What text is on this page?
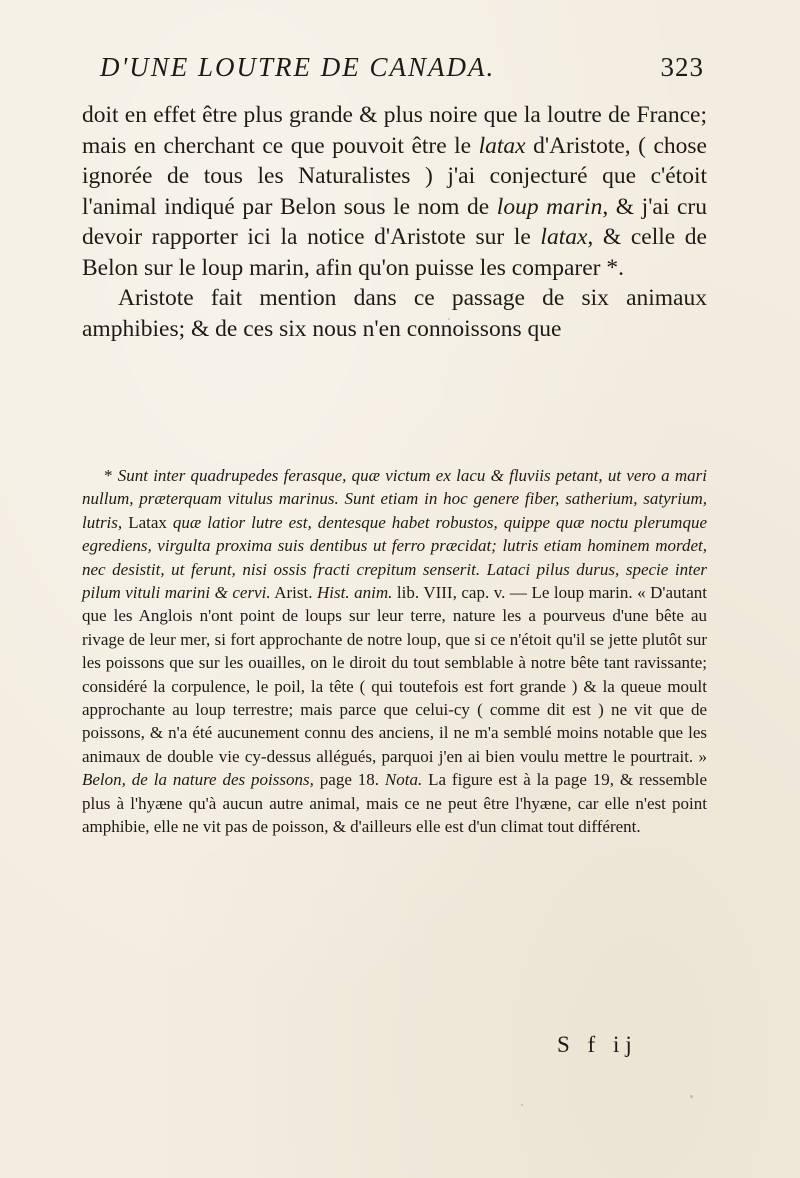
D'UNE LOUTRE DE CANADA.	323

doit en effet être plus grande & plus noire que la loutre de France; mais en cherchant ce que pouvoit être le latax d'Aristote, ( chose ignorée de tous les Naturalistes ) j'ai conjecturé que c'étoit l'animal indiqué par Belon sous le nom de loup marin, & j'ai cru devoir rapporter ici la notice d'Aristote sur le latax, & celle de Belon sur le loup marin, afin qu'on puisse les comparer *.

Aristote fait mention dans ce passage de six animaux amphibies; & de ces six nous n'en connoissons que

* Sunt inter quadrupedes ferasque, quæ victum ex lacu & fluviis petant, ut vero a mari nullum, præterquam vitulus marinus. Sunt etiam in hoc genere fiber, satherium, satyrium, lutris, Latax quæ latior lutre est, dentesque habet robustos, quippe quæ noctu plerumque egrediens, virgulta proxima suis dentibus ut ferro præcidat; lutris etiam hominem mordet, nec desistit, ut ferunt, nisi ossis fracti crepitum senserit. Lataci pilus durus, specie inter pilum vituli marini & cervi. Arist. Hist. anim. lib. VIII, cap. v. — Le loup marin. « D'autant que les Anglois n'ont point de loups sur leur terre, nature les a pourveus d'une bête au rivage de leur mer, si fort approchante de notre loup, que si ce n'étoit qu'il se jette plutôt sur les poissons que sur les ouailles, on le diroit du tout semblable à notre bête tant ravissante; considéré la corpulence, le poil, la tête ( qui toutefois est fort grande ) & la queue moult approchante au loup terrestre; mais parce que celui-cy ( comme dit est ) ne vit que de poissons, & n'a été aucunement connu des anciens, il ne m'a semblé moins notable que les animaux de double vie cy-dessus allégués, parquoi j'en ai bien voulu mettre le pourtrait. » Belon, de la nature des poissons, page 18. Nota. La figure est à la page 19, & ressemble plus à l'hyæne qu'à aucun autre animal, mais ce ne peut être l'hyæne, car elle n'est point amphibie, elle ne vit pas de poisson, & d'ailleurs elle est d'un climat tout différent.
S f ij
